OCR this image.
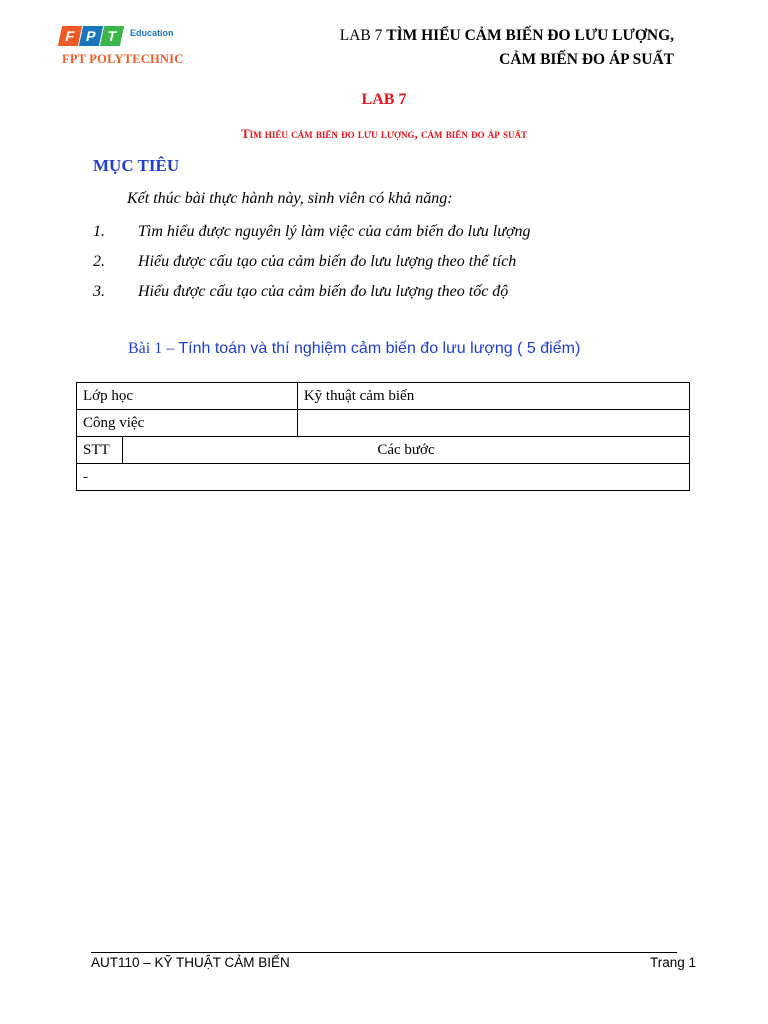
F P T	Education
FPT POLYTECHNIC
LAB 7 TÌM HIỂU CẢM BIẾN ĐO LƯU LƯỢNG,
CẢM BIẾN ĐO ÁP SUẤT
LAB 7
Tìm hiểu cảm biến đo lưu lượng, cảm biến đo áp suất
MỤC TIÊU
Kết thúc bài thực hành này, sinh viên có khả năng:
1.	Tìm hiểu được nguyên lý làm việc của cảm biến đo lưu lượng
2.	Hiểu được cấu tạo của cảm biến đo lưu lượng theo thể tích
3.	Hiểu được cấu tạo của cảm biến đo lưu lượng theo tốc độ
Bài 1 – Tính toán và thí nghiệm cảm biến đo lưu lượng ( 5 điểm)
Lớp học		Kỹ thuật cảm biến
Công việc		
STT	Các bước	
-		
AUT110 – KỸ THUẬT CẢM BIẾN	Trang 1
